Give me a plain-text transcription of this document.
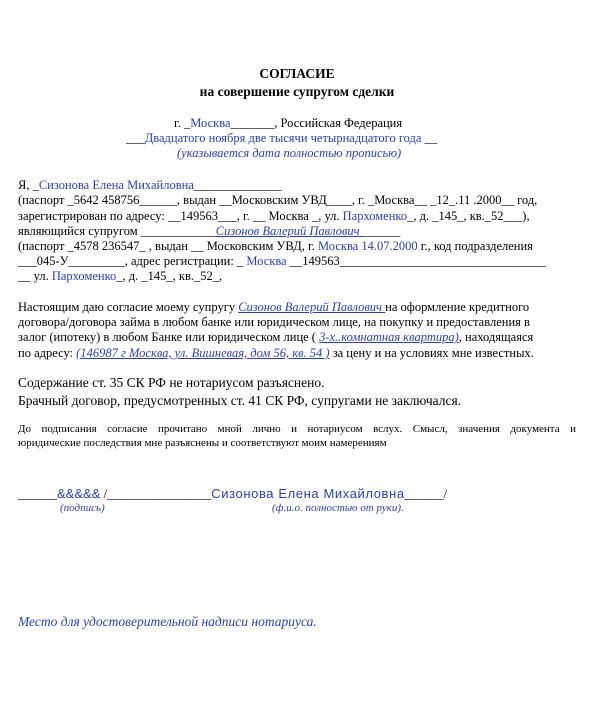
СОГЛАСИЕ
на совершение супругом сделки
г. _Москва_______, Российская Федерация
___Двадцатого ноября две тысячи четырнадцатого года __
(указывается дата полностью прописью)
Я, _Сизонова Елена Михайловна______________
(паспорт _5642 458756______, выдан __Московским УВД____, г. _Москва__ _12_.11 .2000__ год,
зарегистрирован по адресу: __149563___, г. __ Москва _, ул. Пархоменко_, д. _145_, кв._52___),
являющийся супругом ____________Сизонов Валерий Павлович ______
(паспорт _4578 236547_ , выдан __ Московским УВД, г. Москва 14.07.2000 г., код подразделения
___045-У_________, адрес регистрации: _ Москва __149563_________________________________
__ ул. Пархоменко_, д. _145_, кв._52_,
Настоящим даю согласие моему супругу Сизонов Валерий Павлович на оформление кредитного
договора/договора займа в любом банке или юридическом лице, на покупку и предоставления в
залог (ипотеку) в любом Банке или юридическом лице ( 3-х..комнатная квартира), находящаяся
по адресу: (146987 г Москва, ул. Вишневая, дом 56, кв. 54 ) за цену и на условиях мне известных.
Содержание ст. 35 СК РФ не нотариусом разъяснено.
Брачный договор, предусмотренных ст. 41 СК РФ, супругами не заключался.
До подписания согласие прочитано мной лично и нотариусом вслух. Смысл, значения документа и
юридические последствия мне разъяснены и соответствуют моим намерениям
______&&&&& /________________Сизонова Елена Михайловна______/
(подпись)	(ф.и.о. полностью от руки).
Место для удостоверительной надписи нотариуса.
